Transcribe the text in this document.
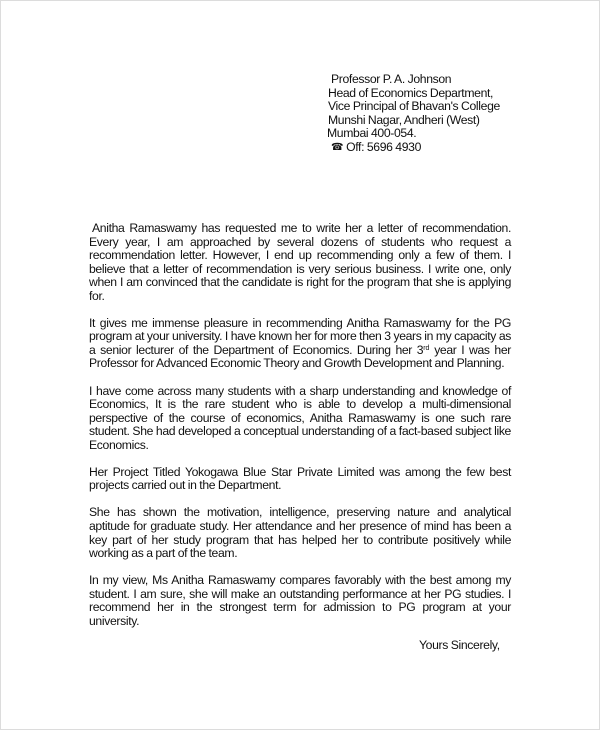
Professor P. A. Johnson
Head of Economics Department,
Vice Principal of Bhavan's College
Munshi Nagar, Andheri (West)
Mumbai 400-054.
☎ Off: 5696 4930

Anitha Ramaswamy has requested me to write her a letter of recommendation. Every year, I am approached by several dozens of students who request a recommendation letter. However, I end up recommending only a few of them. I believe that a letter of recommendation is very serious business. I write one, only when I am convinced that the candidate is right for the program that she is applying for.

It gives me immense pleasure in recommending Anitha Ramaswamy for the PG program at your university. I have known her for more then 3 years in my capacity as a senior lecturer of the Department of Economics. During her 3rd year I was her Professor for Advanced Economic Theory and Growth Development and Planning.

I have come across many students with a sharp understanding and knowledge of Economics, It is the rare student who is able to develop a multi-dimensional perspective of the course of economics, Anitha Ramaswamy is one such rare student. She had developed a conceptual understanding of a fact-based subject like Economics.

Her Project Titled Yokogawa Blue Star Private Limited was among the few best projects carried out in the Department.

She has shown the motivation, intelligence, preserving nature and analytical aptitude for graduate study. Her attendance and her presence of mind has been a key part of her study program that has helped her to contribute positively while working as a part of the team.

In my view, Ms Anitha Ramaswamy compares favorably with the best among my student. I am sure, she will make an outstanding performance at her PG studies. I recommend her in the strongest term for admission to PG program at your university.

Yours Sincerely,
